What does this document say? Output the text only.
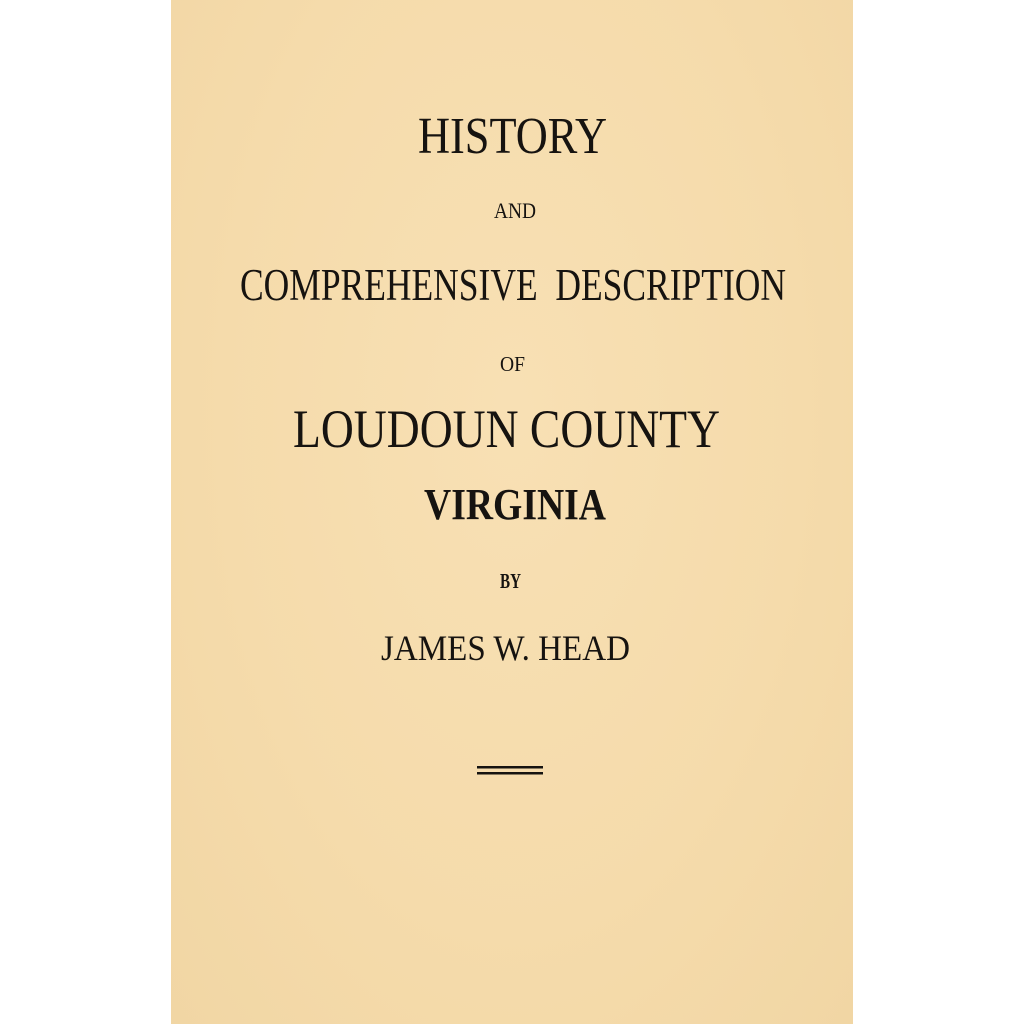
HISTORY
AND
COMPREHENSIVE  DESCRIPTION
OF
LOUDOUN COUNTY
VIRGINIA
BY
JAMES W. HEAD
